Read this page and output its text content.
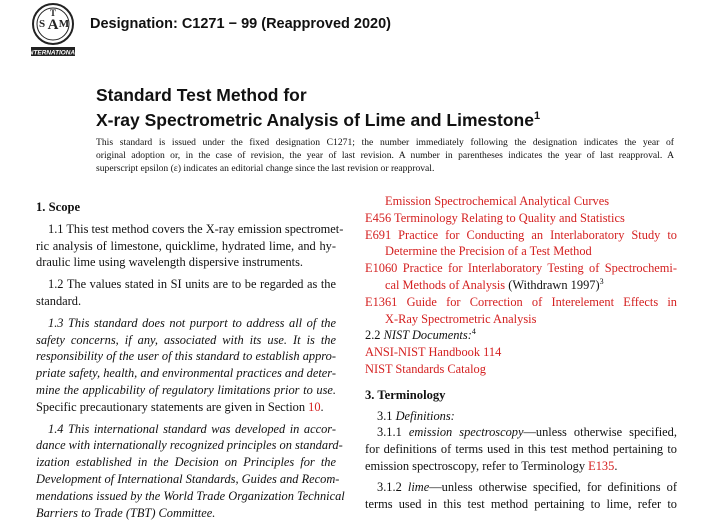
A
S M
T
INTERNATIONAL
Designation: C1271 − 99 (Reapproved 2020)
Standard Test Method for
X-ray Spectrometric Analysis of Lime and Limestone$^1$
This standard is issued under the fixed designation C1271; the number immediately following the designation indicates the year of
original adoption or, in the case of revision, the year of last revision. A number in parentheses indicates the year of last reapproval. A
superscript epsilon (ε) indicates an editorial change since the last revision or reapproval.
1. Scope
1.1 This test method covers the X-ray emission spectromet-
ric analysis of limestone, quicklime, hydrated lime, and hy-
draulic lime using wavelength dispersive instruments.
1.2 The values stated in SI units are to be regarded as the
standard.
1.3 This standard does not purport to address all of the
safety concerns, if any, associated with its use. It is the
responsibility of the user of this standard to establish appro-
priate safety, health, and environmental practices and deter-
mine the applicability of regulatory limitations prior to use.
Specific precautionary statements are given in Section 10.
1.4 This international standard was developed in accor-
dance with internationally recognized principles on standard-
ization established in the Decision on Principles for the
Development of International Standards, Guides and Recom-
mendations issued by the World Trade Organization Technical
Barriers to Trade (TBT) Committee.
Emission Spectrochemical Analytical Curves
E456 Terminology Relating to Quality and Statistics
E691 Practice for Conducting an Interlaboratory Study to
Determine the Precision of a Test Method
E1060 Practice for Interlaboratory Testing of Spectrochemi-
cal Methods of Analysis (Withdrawn 1997)$^3$
E1361 Guide for Correction of Interelement Effects in
X-Ray Spectrometric Analysis
2.2 NIST Documents:$^4$
ANSI-NIST Handbook 114
NIST Standards Catalog
3. Terminology
3.1 Definitions:
3.1.1 emission spectroscopy—unless otherwise specified,
for definitions of terms used in this test method pertaining to
emission spectroscopy, refer to Terminology E135.
3.1.2 lime—unless otherwise specified, for definitions of
terms used in this test method pertaining to lime, refer to
